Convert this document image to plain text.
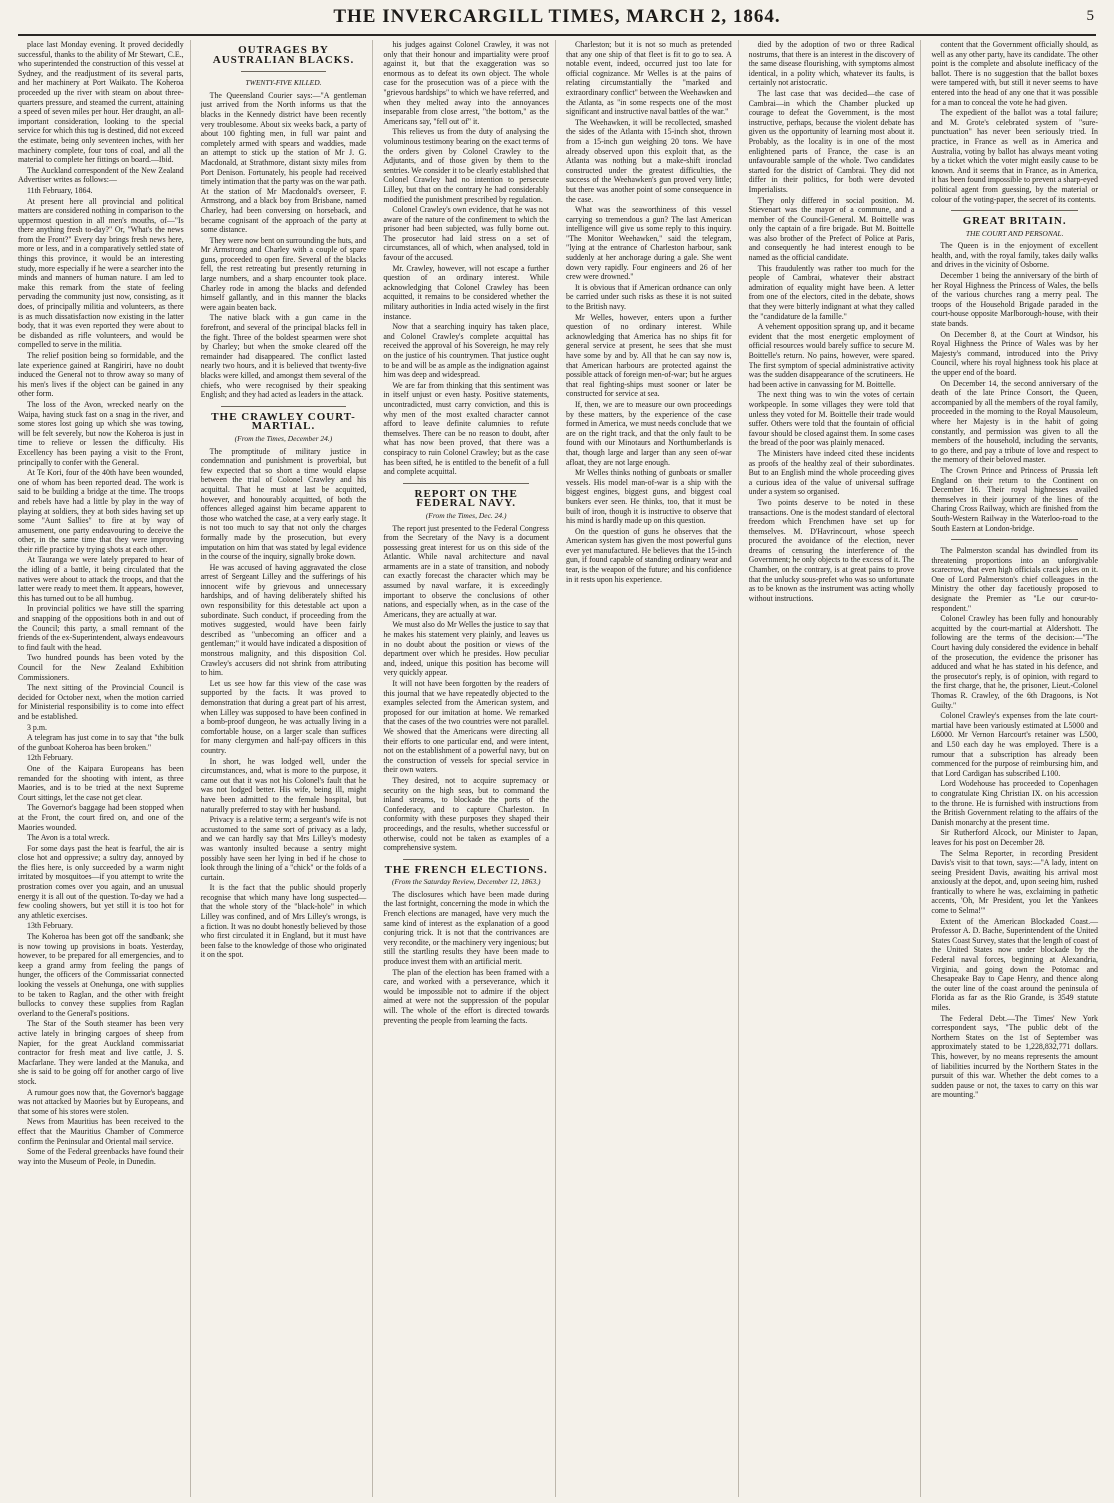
THE INVERCARGILL TIMES, MARCH 2, 1864.	5

place last Monday evening. It proved decidedly successful, thanks to the ability of Mr Stewart, C.E., who superintended the construction of this vessel at Sydney, and the readjustment of its several parts, and her machinery at Port Waikato. The Koheroa proceeded up the river with steam on about three-quarters pressure, and steamed the current, attaining a speed of seven miles per hour. Her draught, an all-important consideration, looking to the special service for which this tug is destined, did not exceed the estimate, being only seventeen inches, with her machinery complete, four tons of coal, and all the material to complete her fittings on board.—Ibid.

The Auckland correspondent of the New Zealand Advertiser writes as follows:—

11th February, 1864.

At present here all provincial and political matters are considered nothing in comparison to the uppermost question in all men's mouths, of—"Is there anything fresh to-day?" Or, "What's the news from the Front?" Every day brings fresh news here, more or less, and in a comparatively settled state of things this province, it would be an interesting study, more especially if he were a searcher into the minds and manners of human nature. I am led to make this remark from the state of feeling pervading the community just now, consisting, as it does, of principally militia and volunteers, as there is as much dissatisfaction now existing in the latter body, that it was even reported they were about to be disbanded as rifle volunteers, and would be compelled to serve in the militia.

The relief position being so formidable, and the late experience gained at Rangiriri, have no doubt induced the General not to throw away so many of his men's lives if the object can be gained in any other form.

The loss of the Avon, wrecked nearly on the Waipa, having stuck fast on a snag in the river, and some stores lost going up which she was towing, will be felt severely, but now the Koheroa is just in time to relieve or lessen the difficulty. His Excellency has been paying a visit to the Front, principally to confer with the General.

At Te Kori, four of the 40th have been wounded, one of whom has been reported dead. The work is said to be building a bridge at the time. The troops and rebels have had a little by play in the way of playing at soldiers, they at both sides having set up some "Aunt Sallies" to fire at by way of amusement, one party endeavouring to deceive the other, in the same time that they were improving their rifle practice by trying shots at each other.

At Tauranga we were lately prepared to hear of the idling of a battle, it being circulated that the natives were about to attack the troops, and that the latter were ready to meet them. It appears, however, this has turned out to be all humbug.

In provincial politics we have still the sparring and snapping of the oppositions both in and out of the Council; this party, a small remnant of the friends of the ex-Superintendent, always endeavours to find fault with the head.

Two hundred pounds has been voted by the Council for the New Zealand Exhibition Commissioners.

The next sitting of the Provincial Council is decided for October next, when the motion carried for Ministerial responsibility is to come into effect and be established.

3 p.m.

A telegram has just come in to say that "the bulk of the gunboat Koheroa has been broken."

12th February.

One of the Kaipara Europeans has been remanded for the shooting with intent, as three Maories, and is to be tried at the next Supreme Court sittings, let the case not get clear.

The Governor's baggage had been stopped when at the Front, the court fired on, and one of the Maories wounded.

The Avon is a total wreck.

For some days past the heat is fearful, the air is close hot and oppressive; a sultry day, annoyed by the flies here, is only succeeded by a warm night irritated by mosquitoes—if you attempt to write the prostration comes over you again, and an unusual energy it is all out of the question. To-day we had a few cooling showers, but yet still it is too hot for any athletic exercises.

13th February.

The Koheroa has been got off the sandbank; she is now towing up provisions in boats. Yesterday, however, to be prepared for all emergencies, and to keep a grand army from feeling the pangs of hunger, the officers of the Commissariat connected looking the vessels at Onehunga, one with supplies to be taken to Raglan, and the other with freight bullocks to convey these supplies from Raglan overland to the General's positions.

The Star of the South steamer has been very active lately in bringing cargoes of sheep from Napier, for the great Auckland commissariat contractor for fresh meat and live cattle, J. S. Macfarlane. They were landed at the Manuka, and she is said to be going off for another cargo of live stock.

A rumour goes now that, the Governor's baggage was not attacked by Maories but by Europeans, and that some of his stores were stolen.

News from Mauritius has been received to the effect that the Mauritius Chamber of Commerce confirm the Peninsular and Oriental mail service.

Some of the Federal greenbacks have found their way into the Museum of Peole, in Dunedin.

OUTRAGES BY AUSTRALIAN BLACKS.
TWENTY-FIVE KILLED.

The Queensland Courier says:—"A gentleman just arrived from the North informs us that the blacks in the Kennedy district have been recently very troublesome. About six weeks back, a party of about 100 fighting men, in full war paint and completely armed with spears and waddies, made an attempt to stick up the station of Mr J. G. Macdonald, at Strathmore, distant sixty miles from Port Denison. Fortunately, his people had received timely intimation that the party was on the war path. At the station of Mr Macdonald's overseer, F. Armstrong, and a black boy from Brisbane, named Charley, had been conversing on horseback, and became cognisant of the approach of the party at some distance.

They were now bent on surrounding the huts, and Mr Armstrong and Charley with a couple of spare guns, proceeded to open fire. Several of the blacks fell, the rest retreating but presently returning in large numbers, and a sharp encounter took place. Charley rode in among the blacks and defended himself gallantly, and in this manner the blacks were again beaten back.

The native black with a gun came in the forefront, and several of the principal blacks fell in the fight. Three of the boldest spearmen were shot by Charley; but when the smoke cleared off the remainder had disappeared. The conflict lasted nearly two hours, and it is believed that twenty-five blacks were killed, and amongst them several of the chiefs, who were recognised by their speaking English; and they had acted as leaders in the attack.

THE CRAWLEY COURT-MARTIAL.
(From the Times, December 24.)

The promptitude of military justice in condemnation and punishment is proverbial, but few expected that so short a time would elapse between the trial of Colonel Crawley and his acquittal. That he must at last be acquitted, however, and honourably acquitted, of both the offences alleged against him became apparent to those who watched the case, at a very early stage. It is not too much to say that not only the charges formally made by the prosecution, but every imputation on him that was stated by legal evidence in the course of the inquiry, signally broke down.

He was accused of having aggravated the close arrest of Sergeant Lilley and the sufferings of his innocent wife by grievous and unnecessary hardships, and of having deliberately shifted his own responsibility for this detestable act upon a subordinate. Such conduct, if proceeding from the motives suggested, would have been fairly described as "unbecoming an officer and a gentleman;" it would have indicated a disposition of monstrous malignity, and this disposition Col. Crawley's accusers did not shrink from attributing to him.

Let us see how far this view of the case was supported by the facts. It was proved to demonstration that during a great part of his arrest, when Lilley was supposed to have been confined in a bomb-proof dungeon, he was actually living in a comfortable house, on a larger scale than suffices for many clergymen and half-pay officers in this country.

In short, he was lodged well, under the circumstances, and, what is more to the purpose, it came out that it was not his Colonel's fault that he was not lodged better. His wife, being ill, might have been admitted to the female hospital, but naturally preferred to stay with her husband.

Privacy is a relative term; a sergeant's wife is not accustomed to the same sort of privacy as a lady, and we can hardly say that Mrs Lilley's modesty was wantonly insulted because a sentry might possibly have seen her lying in bed if he chose to look through the lining of a "chick" or the folds of a curtain.

It is the fact that the public should properly recognise that which many have long suspected—that the whole story of the "black-hole" in which Lilley was confined, and of Mrs Lilley's wrongs, is a fiction. It was no doubt honestly believed by those who first circulated it in England, but it must have been false to the knowledge of those who originated it on the spot.

his judges against Colonel Crawley, it was not only that their honour and impartiality were proof against it, but that the exaggeration was so enormous as to defeat its own object. The whole case for the prosecution was of a piece with the "grievous hardships" to which we have referred, and when they melted away into the annoyances inseparable from close arrest, "the bottom," as the Americans say, "fell out of" it.

This relieves us from the duty of analysing the voluminous testimony bearing on the exact terms of the orders given by Colonel Crawley to the Adjutants, and of those given by them to the sentries. We consider it to be clearly established that Colonel Crawley had no intention to persecute Lilley, but that on the contrary he had considerably modified the punishment prescribed by regulation.

Colonel Crawley's own evidence, that he was not aware of the nature of the confinement to which the prisoner had been subjected, was fully borne out. The prosecutor had laid stress on a set of circumstances, all of which, when analysed, told in favour of the accused.

Mr. Crawley, however, will not escape a further question of an ordinary interest. While acknowledging that Colonel Crawley has been acquitted, it remains to be considered whether the military authorities in India acted wisely in the first instance.

Now that a searching inquiry has taken place, and Colonel Crawley's complete acquittal has received the approval of his Sovereign, he may rely on the justice of his countrymen. That justice ought to be and will be as ample as the indignation against him was deep and widespread.

We are far from thinking that this sentiment was in itself unjust or even hasty. Positive statements, uncontradicted, must carry conviction, and this is why men of the most exalted character cannot afford to leave definite calumnies to refute themselves. There can be no reason to doubt, after what has now been proved, that there was a conspiracy to ruin Colonel Crawley; but as the case has been sifted, he is entitled to the benefit of a full and complete acquittal.

REPORT ON THE FEDERAL NAVY.
(From the Times, Dec. 24.)

The report just presented to the Federal Congress from the Secretary of the Navy is a document possessing great interest for us on this side of the Atlantic. While naval architecture and naval armaments are in a state of transition, and nobody can exactly forecast the character which may be assumed by naval warfare, it is exceedingly important to observe the conclusions of other nations, and especially when, as in the case of the Americans, they are actually at war.

We must also do Mr Welles the justice to say that he makes his statement very plainly, and leaves us in no doubt about the position or views of the department over which he presides. How peculiar and, indeed, unique this position has become will very quickly appear.

It will not have been forgotten by the readers of this journal that we have repeatedly objected to the examples selected from the American system, and proposed for our imitation at home. We remarked that the cases of the two countries were not parallel. We showed that the Americans were directing all their efforts to one particular end, and were intent, not on the establishment of a powerful navy, but on the construction of vessels for special service in their own waters.

They desired, not to acquire supremacy or security on the high seas, but to command the inland streams, to blockade the ports of the Confederacy, and to capture Charleston. In conformity with these purposes they shaped their proceedings, and the results, whether successful or otherwise, could not be taken as examples of a comprehensive system.

THE FRENCH ELECTIONS.
(From the Saturday Review, December 12, 1863.)

The disclosures which have been made during the last fortnight, concerning the mode in which the French elections are managed, have very much the same kind of interest as the explanation of a good conjuring trick. It is not that the contrivances are very recondite, or the machinery very ingenious; but still the startling results they have been made to produce invest them with an artificial merit.

The plan of the election has been framed with a care, and worked with a perseverance, which it would be impossible not to admire if the object aimed at were not the suppression of the popular will. The whole of the effort is directed towards preventing the people from learning the facts.

Charleston; but it is not so much as pretended that any one ship of that fleet is fit to go to sea. A notable event, indeed, occurred just too late for official cognizance. Mr Welles is at the pains of relating circumstantially the "marked and extraordinary conflict" between the Weehawken and the Atlanta, as "in some respects one of the most significant and instructive naval battles of the war."

The Weehawken, it will be recollected, smashed the sides of the Atlanta with 15-inch shot, thrown from a 15-inch gun weighing 20 tons. We have already observed upon this exploit that, as the Atlanta was nothing but a make-shift ironclad constructed under the greatest difficulties, the success of the Weehawken's gun proved very little; but there was another point of some consequence in the case.

What was the seaworthiness of this vessel carrying so tremendous a gun? The last American intelligence will give us some reply to this inquiry. "The Monitor Weehawken," said the telegram, "lying at the entrance of Charleston harbour, sank suddenly at her anchorage during a gale. She went down very rapidly. Four engineers and 26 of her crew were drowned."

It is obvious that if American ordnance can only be carried under such risks as these it is not suited to the British navy.

Mr Welles, however, enters upon a further question of no ordinary interest. While acknowledging that America has no ships fit for general service at present, he sees that she must have some by and by. All that he can say now is, that American harbours are protected against the possible attack of foreign men-of-war; but he argues that real fighting-ships must sooner or later be constructed for service at sea.

If, then, we are to measure our own proceedings by these matters, by the experience of the case formed in America, we must needs conclude that we are on the right track, and that the only fault to be found with our Minotaurs and Northumberlands is that, though large and larger than any seen of-war afloat, they are not large enough.

Mr Welles thinks nothing of gunboats or smaller vessels. His model man-of-war is a ship with the biggest engines, biggest guns, and biggest coal bunkers ever seen. He thinks, too, that it must be built of iron, though it is instructive to observe that his mind is hardly made up on this question.

On the question of guns he observes that the American system has given the most powerful guns ever yet manufactured. He believes that the 15-inch gun, if found capable of standing ordinary wear and tear, is the weapon of the future; and his confidence in it rests upon his experience.

died by the adoption of two or three Radical nostrums, that there is an interest in the discovery of the same disease flourishing, with symptoms almost identical, in a polity which, whatever its faults, is certainly not aristocratic.

The last case that was decided—the case of Cambrai—in which the Chamber plucked up courage to defeat the Government, is the most instructive, perhaps, because the violent debate has given us the opportunity of learning most about it. Probably, as the locality is in one of the most enlightened parts of France, the case is an unfavourable sample of the whole. Two candidates started for the district of Cambrai. They did not differ in their politics, for both were devoted Imperialists.

They only differed in social position. M. Stievenart was the mayor of a commune, and a member of the Council-General. M. Boittelle was only the captain of a fire brigade. But M. Boittelle was also brother of the Prefect of Police at Paris, and consequently he had interest enough to be named as the official candidate.

This fraudulently was rather too much for the people of Cambrai, whatever their abstract admiration of equality might have been. A letter from one of the electors, cited in the debate, shows that they were bitterly indignant at what they called the "candidature de la famille."

A vehement opposition sprang up, and it became evident that the most energetic employment of official resources would barely suffice to secure M. Boittelle's return. No pains, however, were spared. The first symptom of special administrative activity was the sudden disappearance of the scrutineers. He had been active in canvassing for M. Boittelle.

The next thing was to win the votes of certain workpeople. In some villages they were told that unless they voted for M. Boittelle their trade would suffer. Others were told that the fountain of official favour should be closed against them. In some cases the bread of the poor was plainly menaced.

The Ministers have indeed cited these incidents as proofs of the healthy zeal of their subordinates. But to an English mind the whole proceeding gives a curious idea of the value of universal suffrage under a system so organised.

Two points deserve to be noted in these transactions. One is the modest standard of electoral freedom which Frenchmen have set up for themselves. M. D'Havrincourt, whose speech procured the avoidance of the election, never dreams of censuring the interference of the Government; he only objects to the excess of it. The Chamber, on the contrary, is at great pains to prove that the unlucky sous-prefet who was so unfortunate as to be known as the instrument was acting wholly without instructions.

content that the Government officially should, as well as any other party, have its candidate. The other point is the complete and absolute inefficacy of the ballot. There is no suggestion that the ballot boxes were tampered with, but still it never seems to have entered into the head of any one that it was possible for a man to conceal the vote he had given.

The expedient of the ballot was a total failure; and M. Grote's celebrated system of "sure-punctuation" has never been seriously tried. In practice, in France as well as in America and Australia, voting by ballot has always meant voting by a ticket which the voter might easily cause to be known. And it seems that in France, as in America, it has been found impossible to prevent a sharp-eyed political agent from guessing, by the material or colour of the voting-paper, the secret of its contents.

GREAT BRITAIN.
THE COURT AND PERSONAL.

The Queen is in the enjoyment of excellent health, and, with the royal family, takes daily walks and drives in the vicinity of Osborne.

December 1 being the anniversary of the birth of her Royal Highness the Princess of Wales, the bells of the various churches rang a merry peal. The troops of the Household Brigade paraded in the court-house opposite Marlborough-house, with their state bands.

On December 8, at the Court at Windsor, his Royal Highness the Prince of Wales was by her Majesty's command, introduced into the Privy Council, where his royal highness took his place at the upper end of the board.

On December 14, the second anniversary of the death of the late Prince Consort, the Queen, accompanied by all the members of the royal family, proceeded in the morning to the Royal Mausoleum, where her Majesty is in the habit of going constantly, and permission was given to all the members of the household, including the servants, to go there, and pay a tribute of love and respect to the memory of their beloved master.

The Crown Prince and Princess of Prussia left England on their return to the Continent on December 16. Their royal highnesses availed themselves in their journey of the lines of the Charing Cross Railway, which are finished from the South-Western Railway in the Waterloo-road to the South Eastern at London-bridge.

The Palmerston scandal has dwindled from its threatening proportions into an unforgivable scarecrow, that even high officials crack jokes on it. One of Lord Palmerston's chief colleagues in the Ministry the other day facetiously proposed to designate the Premier as "Le our cœur-to-respondent."

Colonel Crawley has been fully and honourably acquitted by the court-martial at Aldershott. The following are the terms of the decision:—"The Court having duly considered the evidence in behalf of the prosecution, the evidence the prisoner has adduced and what he has stated in his defence, and the prosecutor's reply, is of opinion, with regard to the first charge, that he, the prisoner, Lieut.-Colonel Thomas R. Crawley, of the 6th Dragoons, is Not Guilty."

Colonel Crawley's expenses from the late court-martial have been variously estimated at L5000 and L6000. Mr Vernon Harcourt's retainer was L500, and L50 each day he was employed. There is a rumour that a subscription has already been commenced for the purpose of reimbursing him, and that Lord Cardigan has subscribed L100.

Lord Wodehouse has proceeded to Copenhagen to congratulate King Christian IX. on his accession to the throne. He is furnished with instructions from the British Government relating to the affairs of the Danish monarchy at the present time.

Sir Rutherford Alcock, our Minister to Japan, leaves for his post on December 28.

The Selma Reporter, in recording President Davis's visit to that town, says:—"A lady, intent on seeing President Davis, awaiting his arrival most anxiously at the depot, and, upon seeing him, rushed frantically to where he was, exclaiming in pathetic accents, 'Oh, Mr President, you let the Yankees come to Selma!'"

Extent of the American Blockaded Coast.—Professor A. D. Bache, Superintendent of the United States Coast Survey, states that the length of coast of the United States now under blockade by the Federal naval forces, beginning at Alexandria, Virginia, and going down the Potomac and Chesapeake Bay to Cape Henry, and thence along the outer line of the coast around the peninsula of Florida as far as the Rio Grande, is 3549 statute miles.

The Federal Debt.—The Times' New York correspondent says, "The public debt of the Northern States on the 1st of September was approximately stated to be 1,228,832,771 dollars. This, however, by no means represents the amount of liabilities incurred by the Northern States in the pursuit of this war. Whether the debt comes to a sudden pause or not, the taxes to carry on this war are mounting."
